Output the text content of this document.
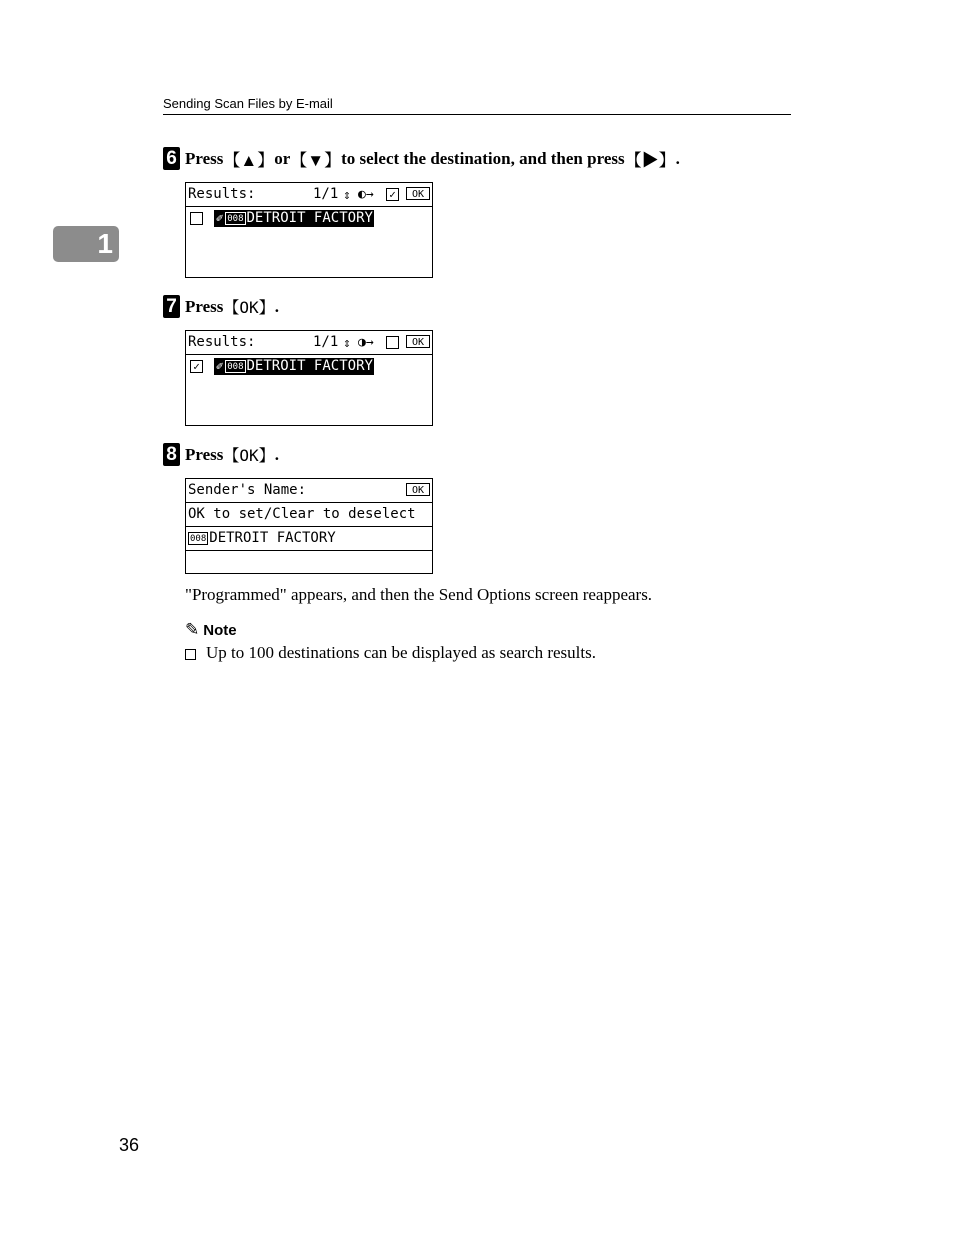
Sending Scan Files by E-mail
1
6 Press 【▲】 or 【▼】 to select the destination, and then press 【▶】 .
Results:	1/1 ⇕ ◐→ ✓	OK
✐ 008 DETROIT FACTORY
7 Press 【OK】 .
Results:	1/1 ⇕ ◑→	OK
✓ ✐ 008 DETROIT FACTORY
8 Press 【OK】 .
Sender's Name:	OK
OK to set/Clear to deselect
008 DETROIT FACTORY
"Programmed" appears, and then the Send Options screen reappears.
✎ Note
Up to 100 destinations can be displayed as search results.
36
